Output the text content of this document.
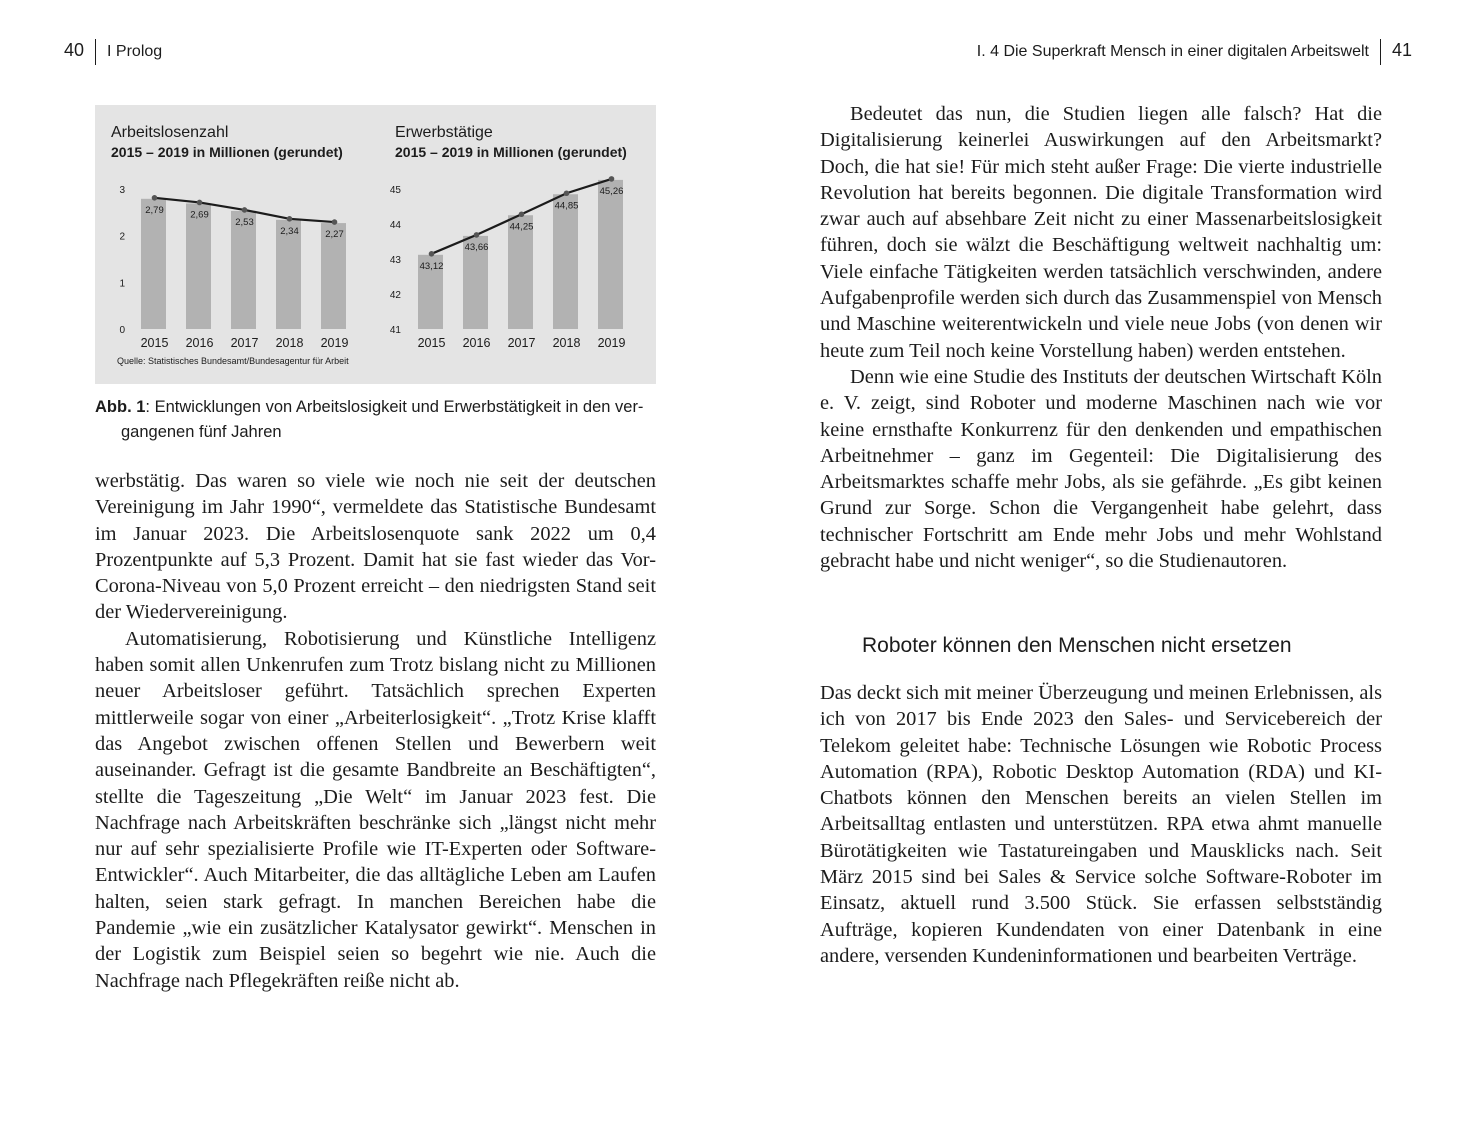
40 I Prolog	I. 4 Die Superkraft Mensch in einer digitalen Arbeitswelt 41
Arbeitslosenzahl
2015 – 2019 in Millionen (gerundet)
0
1
2
3
2015 2016 2017 2018 2019
2,79	2,69
2,53
2,34	2,27
Erwerbstätige
2015 – 2019 in Millionen (gerundet)
41
42
43
44
45
2015 2016 2017 2018 2019
43,12
43,66
44,25
44,85
45,26
Quelle: Statistisches Bundesamt/Bundesagentur für Arbeit
Abb. 1: Entwicklungen von Arbeitslosigkeit und Erwerbstätigkeit in den ver-
gangenen fünf Jahren

werbstätig. Das waren so viele wie noch nie seit der deutschen Vereinigung im Jahr 1990“, vermeldete das Statistische Bundesamt im Januar 2023. Die Arbeitslosenquote sank 2022 um 0,4 Prozentpunkte auf 5,3 Prozent. Damit hat sie fast wieder das Vor-Corona-Niveau von 5,0 Prozent erreicht – den niedrigsten Stand seit der Wiedervereinigung.

Automatisierung, Robotisierung und Künstliche Intelligenz haben somit allen Unkenrufen zum Trotz bislang nicht zu Millionen neuer Arbeitsloser geführt. Tatsächlich sprechen Experten mittlerweile sogar von einer „Arbeiterlosigkeit“. „Trotz Krise klafft das Angebot zwischen offenen Stellen und Bewerbern weit auseinander. Gefragt ist die gesamte Bandbreite an Beschäftigten“, stellte die Tageszeitung „Die Welt“ im Januar 2023 fest. Die Nachfrage nach Arbeitskräften beschränke sich „längst nicht mehr nur auf sehr spezialisierte Profile wie IT-Experten oder Software-Entwickler“. Auch Mitarbeiter, die das alltägliche Leben am Laufen halten, seien stark gefragt. In manchen Bereichen habe die Pandemie „wie ein zusätzlicher Katalysator gewirkt“. Menschen in der Logistik zum Beispiel seien so begehrt wie nie. Auch die Nachfrage nach Pflegekräften reiße nicht ab.

Bedeutet das nun, die Studien liegen alle falsch? Hat die Digitalisierung keinerlei Auswirkungen auf den Arbeitsmarkt? Doch, die hat sie! Für mich steht außer Frage: Die vierte industrielle Revolution hat bereits begonnen. Die digitale Transformation wird zwar auch auf absehbare Zeit nicht zu einer Massenarbeitslosigkeit führen, doch sie wälzt die Beschäftigung weltweit nachhaltig um: Viele einfache Tätigkeiten werden tatsächlich verschwinden, andere Aufgabenprofile werden sich durch das Zusammenspiel von Mensch und Maschine weiterentwickeln und viele neue Jobs (von denen wir heute zum Teil noch keine Vorstellung haben) werden entstehen.

Denn wie eine Studie des Instituts der deutschen Wirtschaft Köln e. V. zeigt, sind Roboter und moderne Maschinen nach wie vor keine ernsthafte Konkurrenz für den denkenden und empathischen Arbeitnehmer – ganz im Gegenteil: Die Digitalisierung des Arbeitsmarktes schaffe mehr Jobs, als sie gefährde. „Es gibt keinen Grund zur Sorge. Schon die Vergangenheit habe gelehrt, dass technischer Fortschritt am Ende mehr Jobs und mehr Wohlstand gebracht habe und nicht weniger“, so die Studienautoren.

Roboter können den Menschen nicht ersetzen

Das deckt sich mit meiner Überzeugung und meinen Erlebnissen, als ich von 2017 bis Ende 2023 den Sales- und Servicebereich der Telekom geleitet habe: Technische Lösungen wie Robotic Process Automation (RPA), Robotic Desktop Automation (RDA) und KI-Chatbots können den Menschen bereits an vielen Stellen im Arbeitsalltag entlasten und unterstützen. RPA etwa ahmt manuelle Bürotätigkeiten wie Tastatureingaben und Mausklicks nach. Seit März 2015 sind bei Sales & Service solche Software-Roboter im Einsatz, aktuell rund 3.500 Stück. Sie erfassen selbstständig Aufträge, kopieren Kundendaten von einer Datenbank in eine andere, versenden Kundeninformationen und bearbeiten Verträge.
